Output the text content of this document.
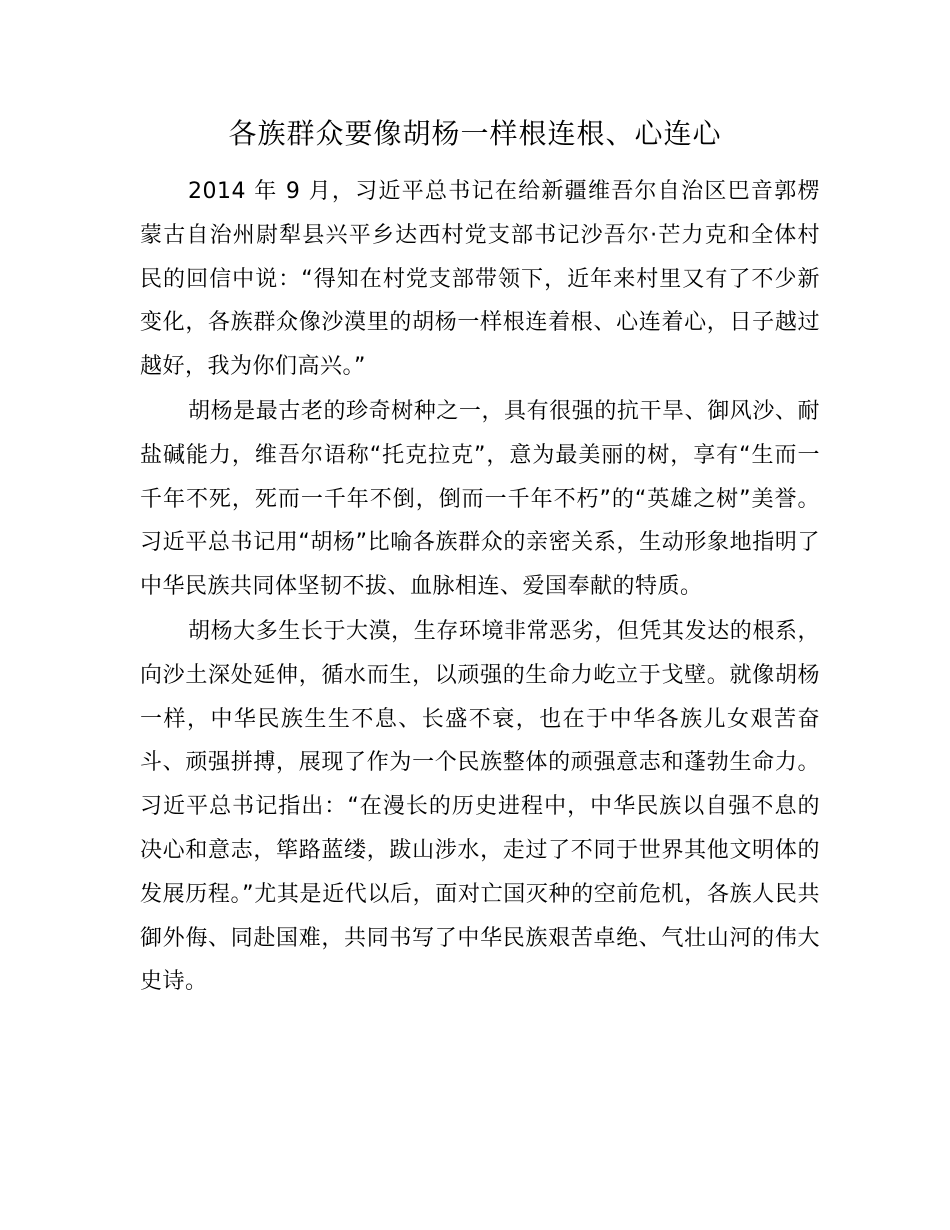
各族群众要像胡杨一样根连根、心连心

2014 年 9 月，习近平总书记在给新疆维吾尔自治区巴音郭楞蒙古自治州尉犁县兴平乡达西村党支部书记沙吾尔·芒力克和全体村民的回信中说：“得知在村党支部带领下，近年来村里又有了不少新变化，各族群众像沙漠里的胡杨一样根连着根、心连着心，日子越过越好，我为你们高兴。”

胡杨是最古老的珍奇树种之一，具有很强的抗干旱、御风沙、耐盐碱能力，维吾尔语称“托克拉克”，意为最美丽的树，享有“生而一千年不死，死而一千年不倒，倒而一千年不朽”的“英雄之树”美誉。习近平总书记用“胡杨”比喻各族群众的亲密关系，生动形象地指明了中华民族共同体坚韧不拔、血脉相连、爱国奉献的特质。

胡杨大多生长于大漠，生存环境非常恶劣，但凭其发达的根系，向沙土深处延伸，循水而生，以顽强的生命力屹立于戈壁。就像胡杨一样，中华民族生生不息、长盛不衰，也在于中华各族儿女艰苦奋斗、顽强拼搏，展现了作为一个民族整体的顽强意志和蓬勃生命力。习近平总书记指出：“在漫长的历史进程中，中华民族以自强不息的决心和意志，筚路蓝缕，跋山涉水，走过了不同于世界其他文明体的发展历程。”尤其是近代以后，面对亡国灭种的空前危机，各族人民共御外侮、同赴国难，共同书写了中华民族艰苦卓绝、气壮山河的伟大史诗。
